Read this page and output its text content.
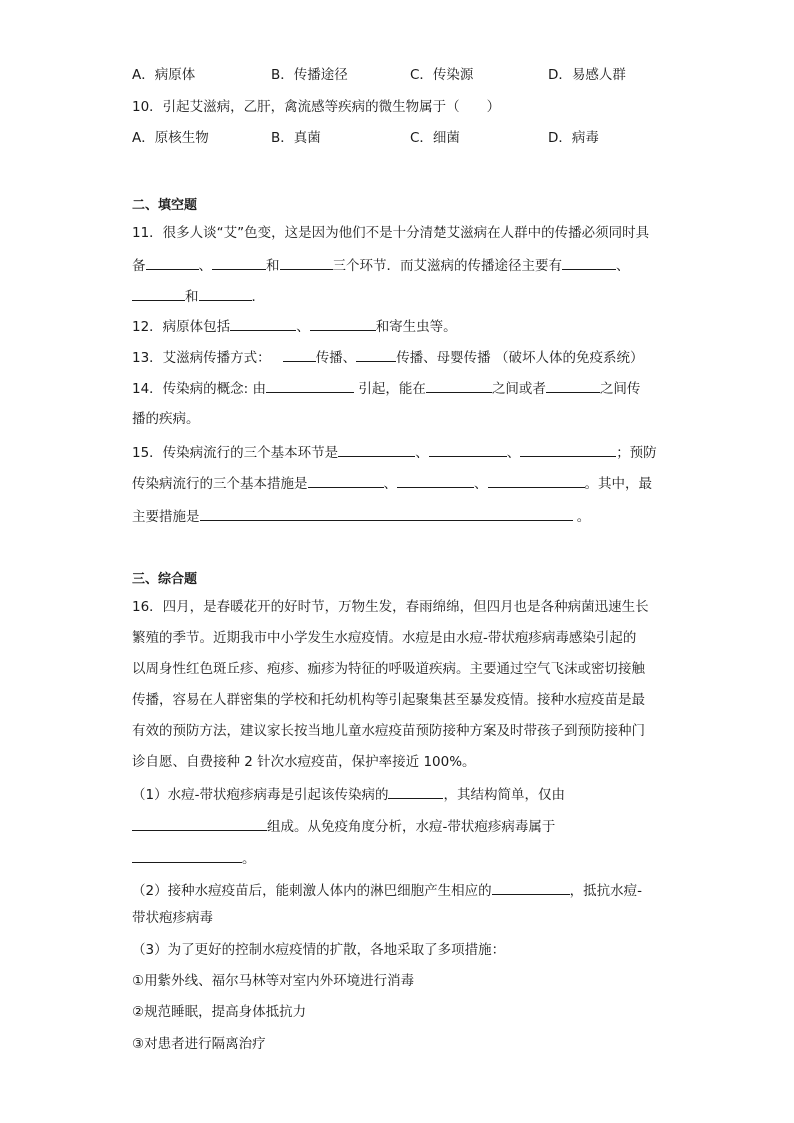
A．病原体	B．传播途径	C．传染源	D．易感人群
10．引起艾滋病，乙肝，禽流感等疾病的微生物属于（　　）
A．原核生物	B．真菌	C．细菌	D．病毒
二、填空题
11．很多人谈“艾”色变，这是因为他们不是十分清楚艾滋病在人群中的传播必须同时具
备	、	和	三个环节．而艾滋病的传播途径主要有	、
和	．
12．病原体包括	、	和寄生虫等。
13．艾滋病传播方式：	传播、	传播、母婴传播 （破坏人体的免疫系统）
14．传染病的概念: 由	引起，能在	之间或者	之间传
播的疾病。
15．传染病流行的三个基本环节是	、	、	；预防
传染病流行的三个基本措施是	、	、	。其中，最
主要措施是	。
三、综合题
16．四月，是春暖花开的好时节，万物生发，春雨绵绵，但四月也是各种病菌迅速生长
繁殖的季节。近期我市中小学发生水痘疫情。水痘是由水痘-带状疱疹病毒感染引起的
以周身性红色斑丘疹、疱疹、痂疹为特征的呼吸道疾病。主要通过空气飞沫或密切接触
传播，容易在人群密集的学校和托幼机构等引起聚集甚至暴发疫情。接种水痘疫苗是最
有效的预防方法，建议家长按当地儿童水痘疫苗预防接种方案及时带孩子到预防接种门
诊自愿、自费接种 2 针次水痘疫苗，保护率接近 100%。
（1）水痘-带状疱疹病毒是引起该传染病的	，其结构简单，仅由
组成。从免疫角度分析，水痘-带状疱疹病毒属于
。
（2）接种水痘疫苗后，能刺激人体内的淋巴细胞产生相应的	，抵抗水痘-
带状疱疹病毒
（3）为了更好的控制水痘疫情的扩散，各地采取了多项措施：
①用紫外线、福尔马林等对室内外环境进行消毒
②规范睡眠，提高身体抵抗力
③对患者进行隔离治疗
